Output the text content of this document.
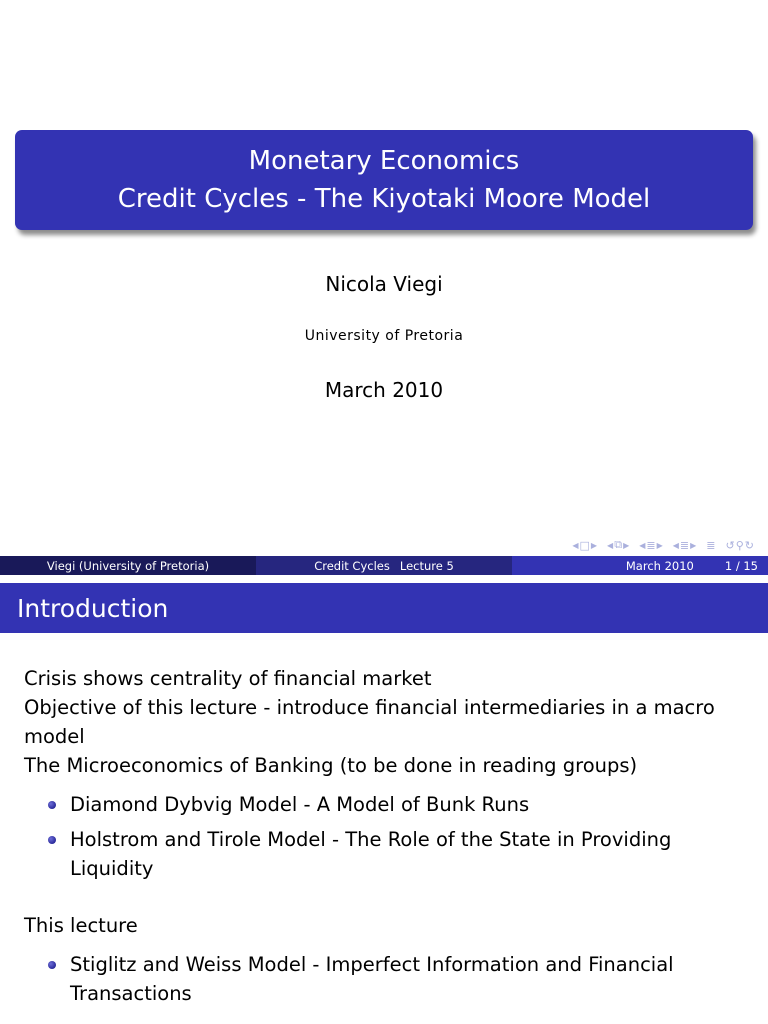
Monetary Economics
Credit Cycles - The Kiyotaki Moore Model
Nicola Viegi
University of Pretoria
March 2010
◀ □ ▶ ◀ ⧉ ▶ ◀ ≣ ▶ ◀ ≣ ▶ ≣ ↺ ⚲ ↻
Viegi (University of Pretoria)	Credit Cycles Lecture 5	March 2010	1 / 15
Introduction

Crisis shows centrality of financial market

Objective of this lecture - introduce financial intermediaries in a macro model

The Microeconomics of Banking (to be done in reading groups)

Diamond Dybvig Model - A Model of Bunk Runs
Holstrom and Tirole Model - The Role of the State in Providing Liquidity

This lecture

Stiglitz and Weiss Model - Imperfect Information and Financial Transactions
